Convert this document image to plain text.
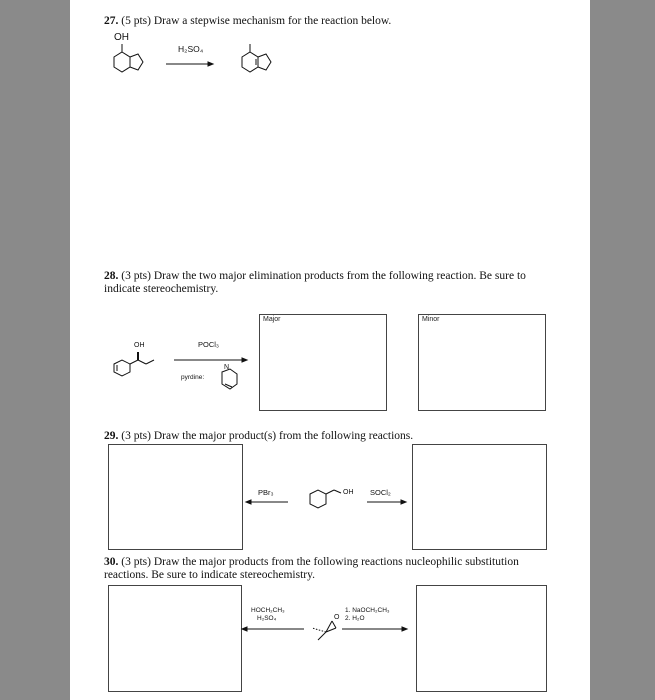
27. (5 pts) Draw a stepwise mechanism for the reaction below.
OH
H₂SO₄
28. (3 pts) Draw the two major elimination products from the following reaction. Be sure to indicate stereochemistry.
Major	Minor
OH	POCl₃
pyrdine:
N
29. (3 pts) Draw the major product(s) from the following reactions.
PBr₃	OH SOCl₂
30. (3 pts) Draw the major products from the following reactions nucleophilic substitution reactions. Be sure to indicate stereochemistry.
HOCH₂CH₃
H₂SO₄
1. NaOCH₂CH₃
2. H₂O
O
